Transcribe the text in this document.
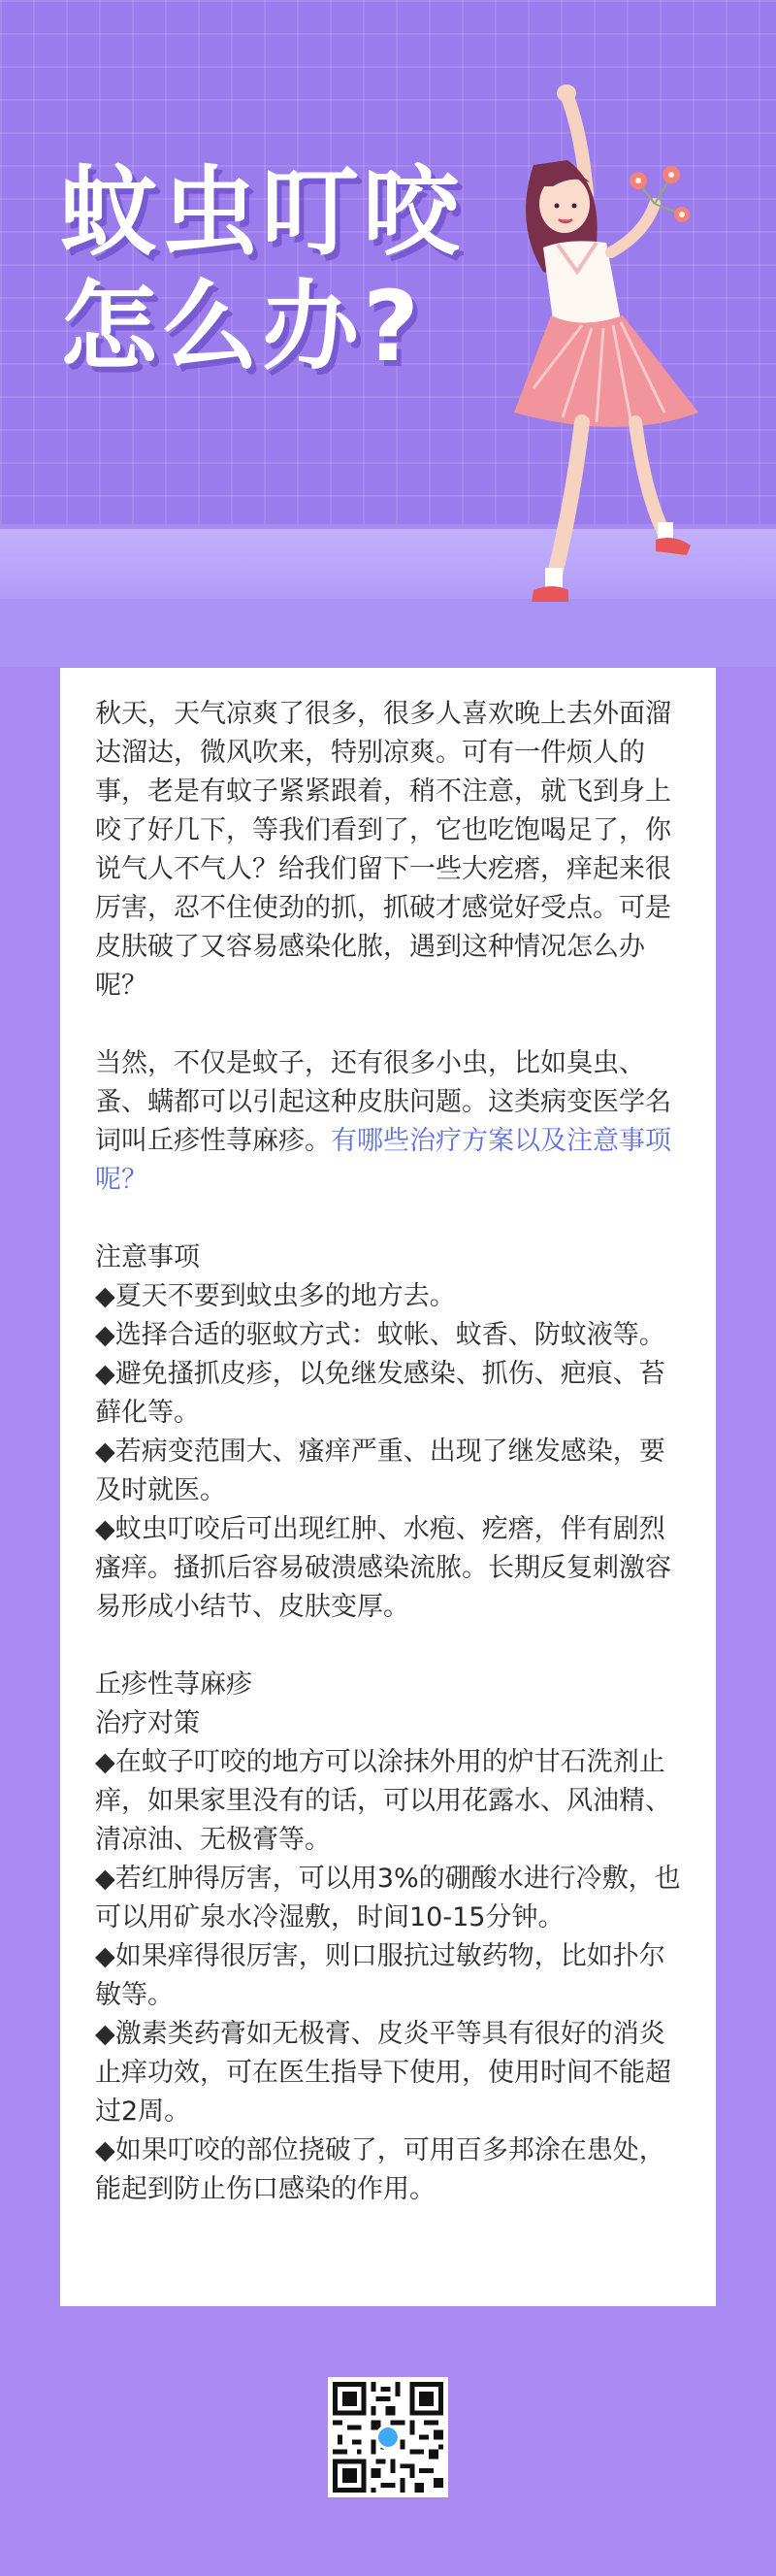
蚊虫叮咬
怎么办?

秋天，天气凉爽了很多，很多人喜欢晚上去外面溜达溜达，微风吹来，特别凉爽。可有一件烦人的事，老是有蚊子紧紧跟着，稍不注意，就飞到身上咬了好几下，等我们看到了，它也吃饱喝足了，你说气人不气人？给我们留下一些大疙瘩，痒起来很厉害，忍不住使劲的抓，抓破才感觉好受点。可是皮肤破了又容易感染化脓，遇到这种情况怎么办呢？

当然，不仅是蚊子，还有很多小虫，比如臭虫、蚤、螨都可以引起这种皮肤问题。这类病变医学名词叫丘疹性荨麻疹。有哪些治疗方案以及注意事项呢？

注意事项

◆夏天不要到蚊虫多的地方去。

◆选择合适的驱蚊方式：蚊帐、蚊香、防蚊液等。

◆避免搔抓皮疹，以免继发感染、抓伤、疤痕、苔藓化等。

◆若病变范围大、瘙痒严重、出现了继发感染，要及时就医。

◆蚊虫叮咬后可出现红肿、水疱、疙瘩，伴有剧烈瘙痒。搔抓后容易破溃感染流脓。长期反复刺激容易形成小结节、皮肤变厚。

丘疹性荨麻疹

治疗对策

◆在蚊子叮咬的地方可以涂抹外用的炉甘石洗剂止痒，如果家里没有的话，可以用花露水、风油精、清凉油、无极膏等。

◆若红肿得厉害，可以用3%的硼酸水进行冷敷，也可以用矿泉水冷湿敷，时间10-15分钟。

◆如果痒得很厉害，则口服抗过敏药物，比如扑尔敏等。

◆激素类药膏如无极膏、皮炎平等具有很好的消炎止痒功效，可在医生指导下使用，使用时间不能超过2周。

◆如果叮咬的部位挠破了，可用百多邦涂在患处，能起到防止伤口感染的作用。
